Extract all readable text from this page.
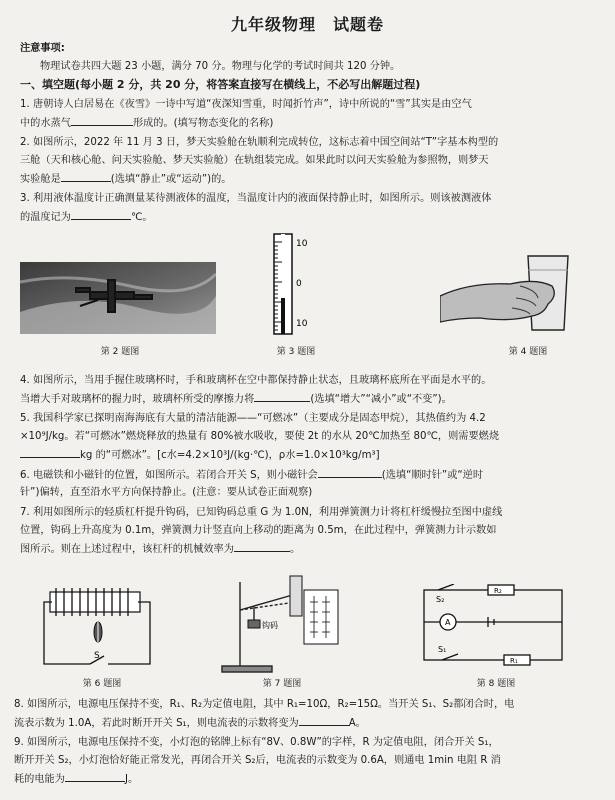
九年级物理　试题卷
注意事项:
物理试卷共四大题 23 小题，满分 70 分。物理与化学的考试时间共 120 分钟。
一、填空题(每小题 2 分，共 20 分，将答案直接写在横线上，不必写出解题过程)
1. 唐朝诗人白居易在《夜雪》一诗中写道“夜深知雪重，时闻折竹声”，诗中所说的“雪”其实是由空气
中的水蒸气	形成的。(填写物态变化的名称)
2. 如图所示，2022 年 11 月 3 日，梦天实验舱在轨顺利完成转位，这标志着中国空间站“T”字基本构型的
三舱（天和核心舱、问天实验舱、梦天实验舱）在轨组装完成。如果此时以问天实验舱为参照物，则梦天
实验舱是	(选填“静止”或“运动”)的。
3. 利用液体温度计正确测量某待测液体的温度，当温度计内的液面保持静止时，如图所示。则该被测液体
的温度记为	℃。
第 2 题图
10
0
10
第 3 题图	第 4 题图
4. 如图所示，当用手握住玻璃杯时，手和玻璃杯在空中都保持静止状态，且玻璃杯底所在平面是水平的。
当增大手对玻璃杯的握力时，玻璃杯所受的摩擦力将	(选填“增大”“减小”或“不变”)。
5. 我国科学家已探明南海海底有大量的清洁能源——“可燃冰”（主要成分是固态甲烷），其热值约为 4.2
×10⁹J/kg。若“可燃冰”燃烧释放的热量有 80%被水吸收，要使 2t 的水从 20℃加热至 80℃，则需要燃烧
kg 的“可燃冰”。[c水=4.2×10³J/(kg·℃)，ρ水=1.0×10³kg/m³]
6. 电磁铁和小磁针的位置，如图所示。若闭合开关 S，则小磁针会	(选填“顺时针”或“逆时
针”)偏转，直至沿水平方向保持静止。(注意：要从试卷正面观察)
7. 利用如图所示的轻质杠杆提升钩码，已知钩码总重 G 为 1.0N，利用弹簧测力计将杠杆缓慢拉至图中虚线
位置，钩码上升高度为 0.1m，弹簧测力计竖直向上移动的距离为 0.5m，在此过程中，弹簧测力计示数如
图所示。则在上述过程中，该杠杆的机械效率为	。
S
第 6 题图
钩码
第 7 题图
S₂
R₂
A
S₁
R₁
第 8 题图
8. 如图所示，电源电压保持不变，R₁、R₂为定值电阻，其中 R₁=10Ω，R₂=15Ω。当开关 S₁、S₂都闭合时，电
流表示数为 1.0A，若此时断开开关 S₁，则电流表的示数将变为	A。
9. 如图所示，电源电压保持不变，小灯泡的铭牌上标有“8V、0.8W”的字样，R 为定值电阻，闭合开关 S₁，
断开开关 S₂，小灯泡恰好能正常发光，再闭合开关 S₂后，电流表的示数变为 0.6A，则通电 1min 电阻 R 消
耗的电能为	J。
